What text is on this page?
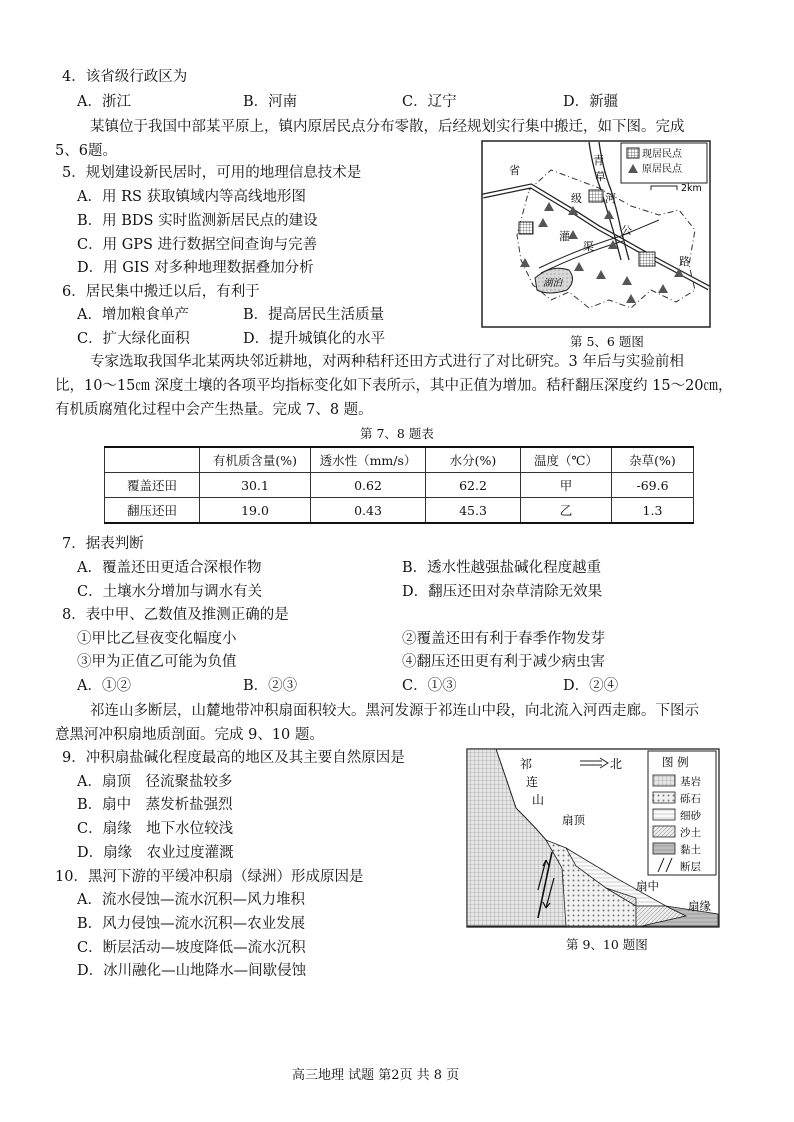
4．该省级行政区为
A．浙江	B．河南	C．辽宁	D．新疆
某镇位于我国中部某平原上，镇内原居民点分布零散，后经规划实行集中搬迁，如下图。完成
5、6题。
5．规划建设新民居时，可用的地理信息技术是
A．用 RS 获取镇域内等高线地形图
B．用 BDS 实时监测新居民点的建设
C．用 GPS 进行数据空间查询与完善
D．用 GIS 对多种地理数据叠加分析
6．居民集中搬迁以后，有利于
A．增加粮食单产	B．提高居民生活质量
C．扩大绿化面积	D．提升城镇化的水平
现居民点
原居民点
2km
省
级
青
草
河
灌
渠
公
路
湖泊
第 5、6 题图
专家选取我国华北某两块邻近耕地，对两种秸秆还田方式进行了对比研究。3 年后与实验前相
比，10～15㎝ 深度土壤的各项平均指标变化如下表所示，其中正值为增加。秸秆翻压深度约 15～20㎝，
有机质腐殖化过程中会产生热量。完成 7、8 题。
第 7、8 题表
	有机质含量(%)	透水性（mm/s）	水分(%)	温度（℃）	杂草(%)
覆盖还田	30.1	0.62	62.2	甲	-69.6
翻压还田	19.0	0.43	45.3	乙	1.3
7．据表判断
A．覆盖还田更适合深根作物	B．透水性越强盐碱化程度越重
C．土壤水分增加与调水有关	D．翻压还田对杂草清除无效果
8．表中甲、乙数值及推测正确的是
①甲比乙昼夜变化幅度小	②覆盖还田有利于春季作物发芽
③甲为正值乙可能为负值	④翻压还田更有利于减少病虫害
A．①②	B．②③	C．①③	D．②④
祁连山多断层，山麓地带冲积扇面积较大。黑河发源于祁连山中段，向北流入河西走廊。下图示
意黑河冲积扇地质剖面。完成 9、10 题。
9．冲积扇盐碱化程度最高的地区及其主要自然原因是
A．扇顶　径流聚盐较多
B．扇中　蒸发析盐强烈
C．扇缘　地下水位较浅
D．扇缘　农业过度灌溉
10．黑河下游的平缓冲积扇（绿洲）形成原因是
A．流水侵蚀—流水沉积—风力堆积
B．风力侵蚀—流水沉积—农业发展
C．断层活动—坡度降低—流水沉积
D．冰川融化—山地降水—间歇侵蚀
北	图 例
基岩
砾石
细砂
沙土
黏土
断层
祁
连
山
扇顶
扇中
扇缘
第 9、10 题图
高三地理 试题 第2页 共 8 页
